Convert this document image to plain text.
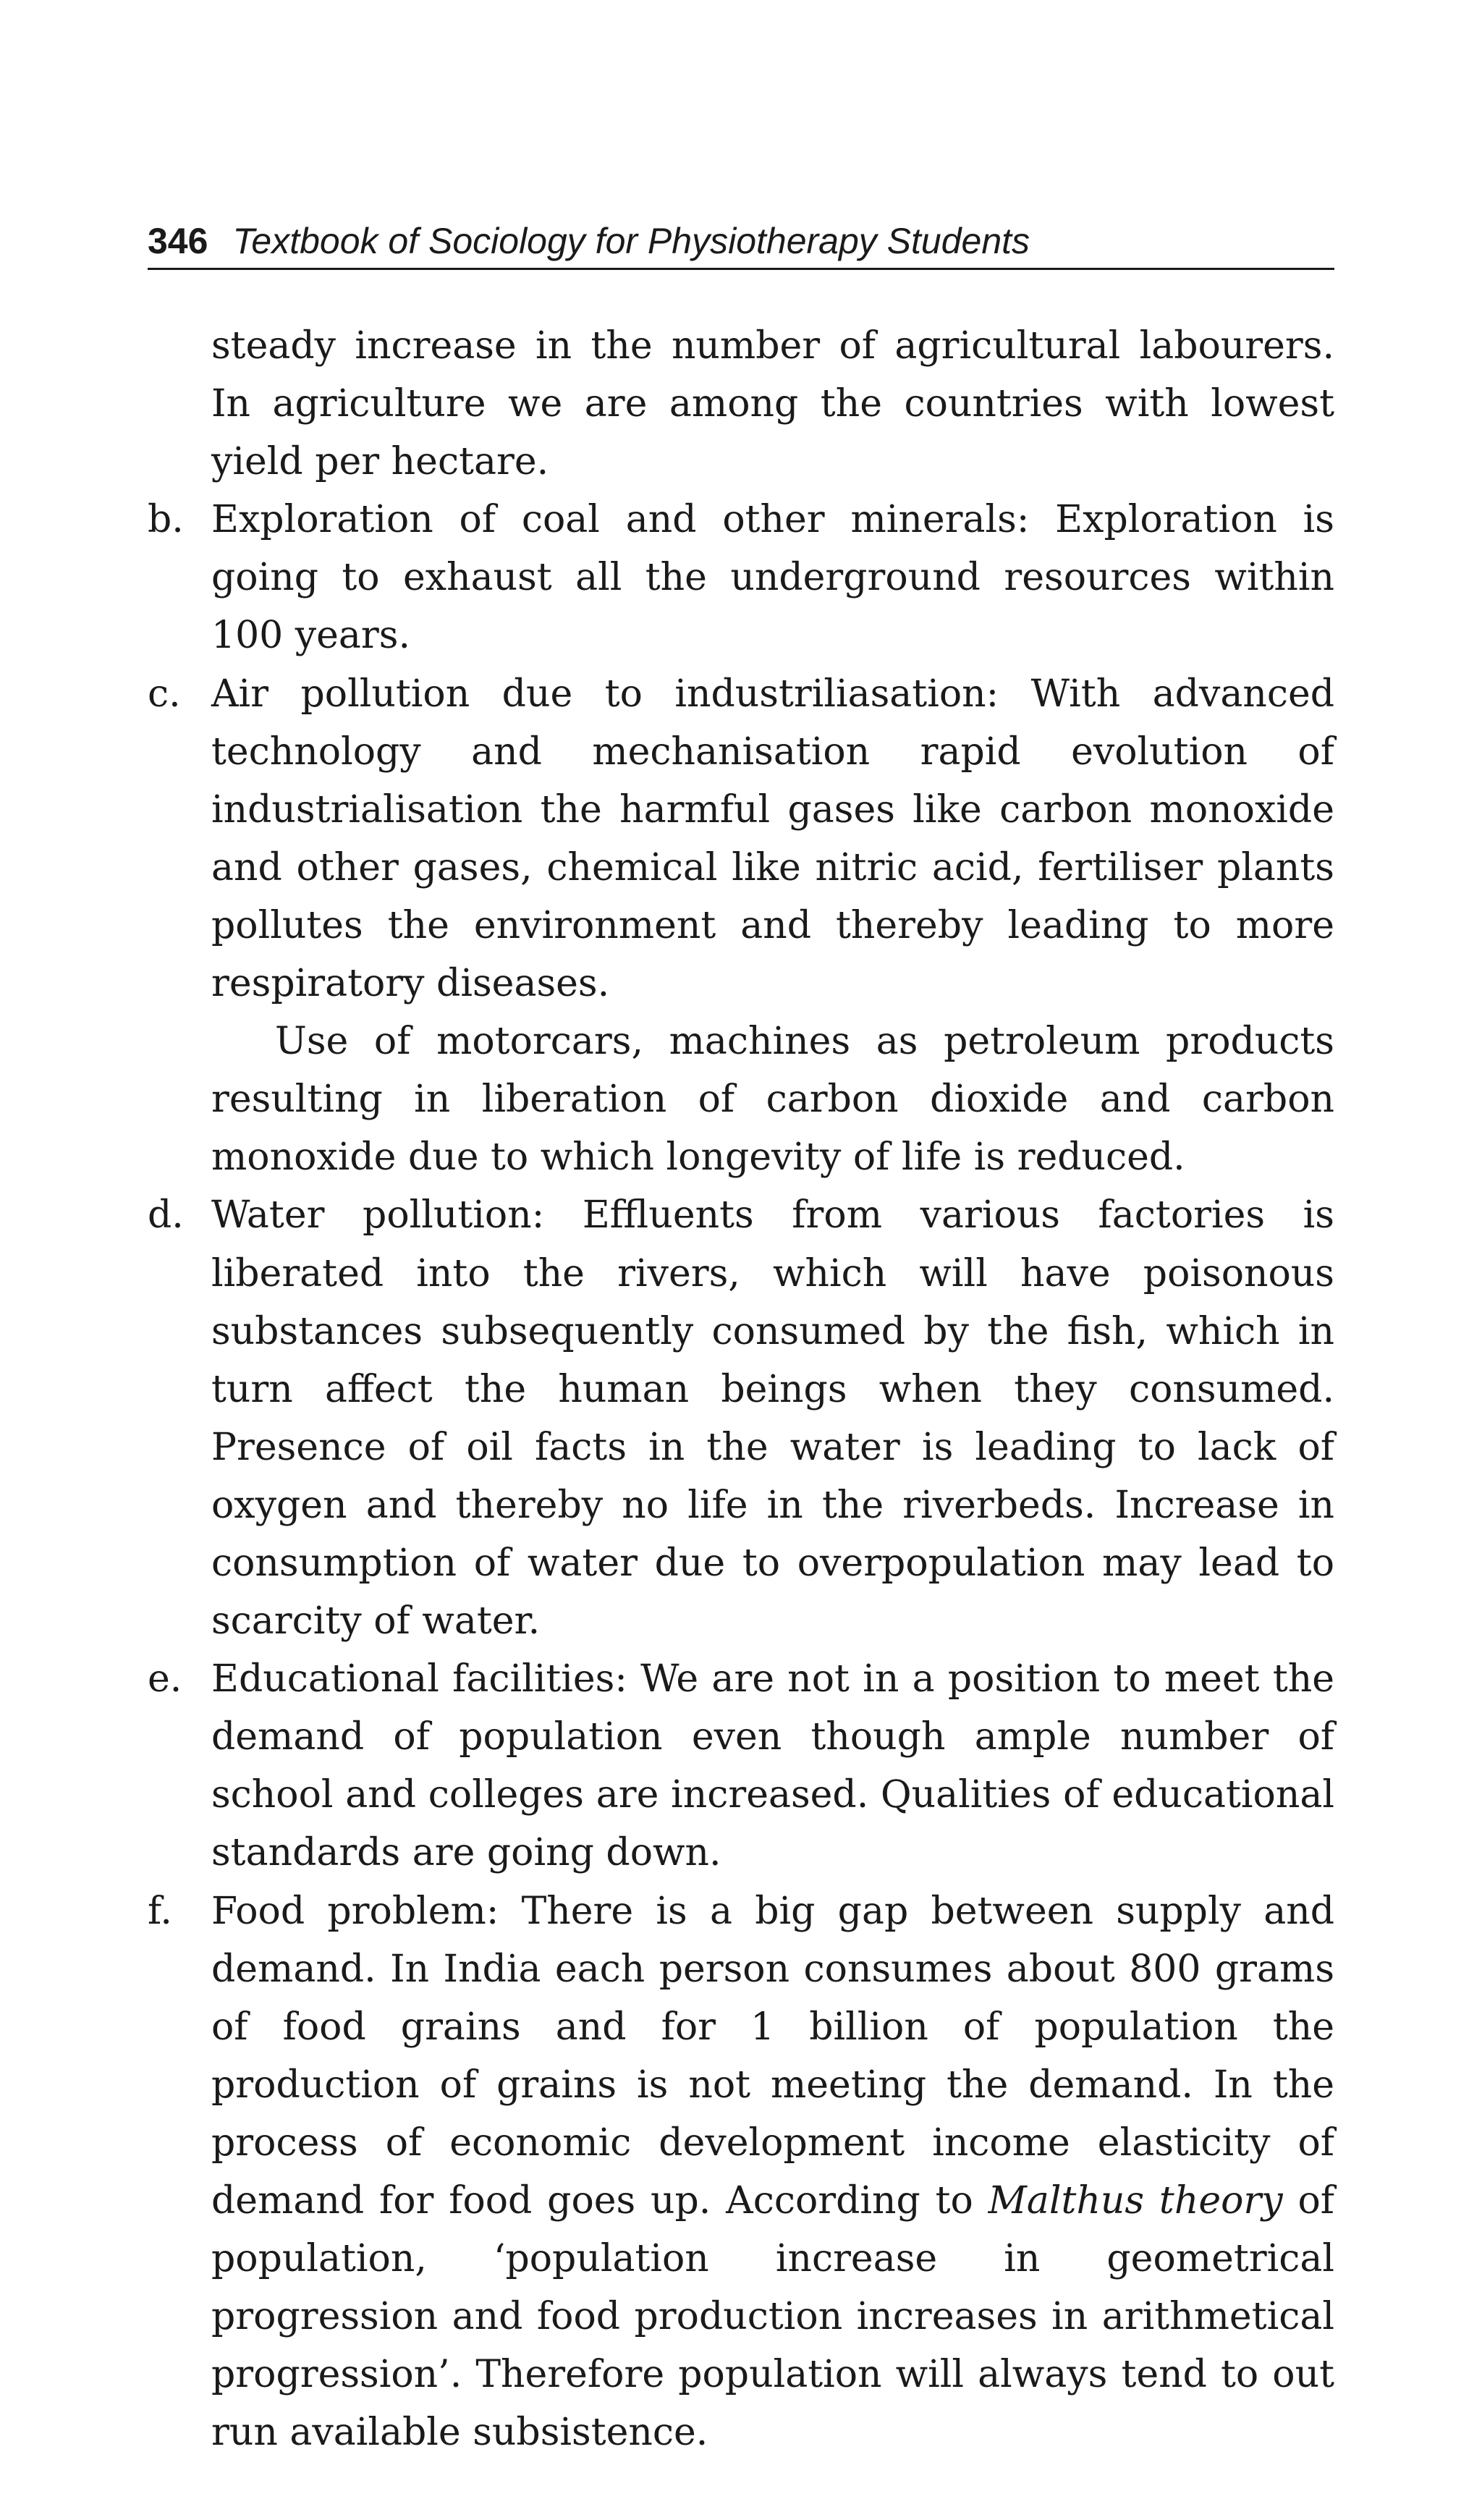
346 Textbook of Sociology for Physiotherapy Students

steady increase in the number of agricultural labourers. In agriculture we are among the countries with lowest yield per hectare.

b. Exploration of coal and other minerals: Exploration is going to exhaust all the underground resources within 100 years.
c. Air pollution due to industriliasation: With advanced technology and mechanisation rapid evolution of industrialisation the harmful gases like carbon monoxide and other gases, chemical like nitric acid, fertiliser plants pollutes the environment and thereby leading to more respiratory diseases.

Use of motorcars, machines as petroleum products resulting in liberation of carbon dioxide and carbon monoxide due to which longevity of life is reduced.

d. Water pollution: Effluents from various factories is liberated into the rivers, which will have poisonous substances subsequently consumed by the fish, which in turn affect the human beings when they consumed. Presence of oil facts in the water is leading to lack of oxygen and thereby no life in the riverbeds. Increase in consumption of water due to overpopulation may lead to scarcity of water.
e. Educational facilities: We are not in a position to meet the demand of population even though ample number of school and colleges are increased. Qualities of educational standards are going down.
f.	Food problem: There is a big gap between supply and demand. In India each person consumes about 800 grams of food grains and for 1 billion of population the production of grains is not meeting the demand. In the process of economic development income elasticity of demand for food goes up. According to Malthus theory of population, ‘population increase in geometrical progression and food production increases in arithmetical progression’. Therefore population will always tend to out run available subsistence.
